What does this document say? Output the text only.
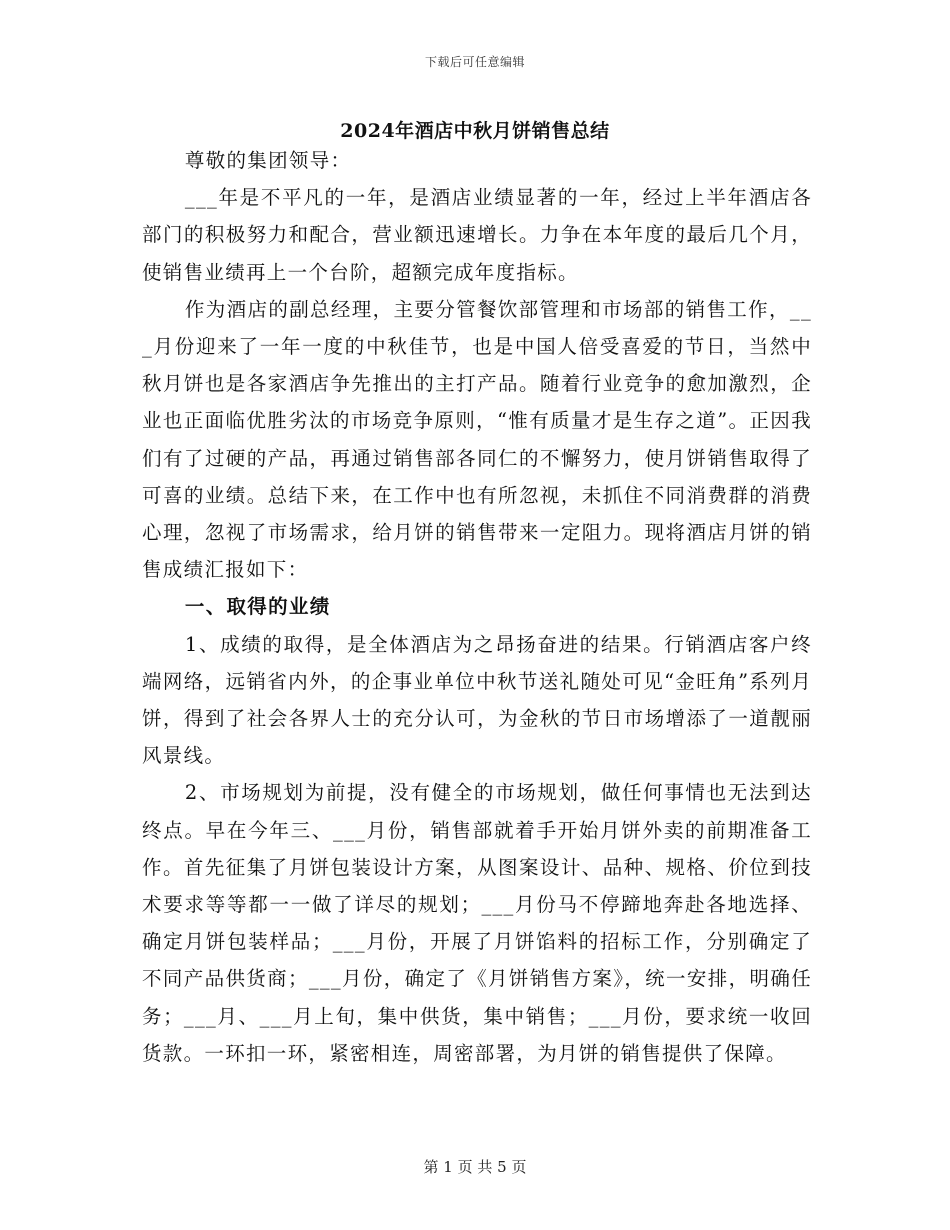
下载后可任意编辑
2024年酒店中秋月饼销售总结

尊敬的集团领导：

___年是不平凡的一年，是酒店业绩显著的一年，经过上半年酒店各部门的积极努力和配合，营业额迅速增长。力争在本年度的最后几个月，使销售业绩再上一个台阶，超额完成年度指标。

作为酒店的副总经理，主要分管餐饮部管理和市场部的销售工作，___月份迎来了一年一度的中秋佳节，也是中国人倍受喜爱的节日，当然中秋月饼也是各家酒店争先推出的主打产品。随着行业竞争的愈加激烈，企业也正面临优胜劣汰的市场竞争原则，“惟有质量才是生存之道”。正因我们有了过硬的产品，再通过销售部各同仁的不懈努力，使月饼销售取得了可喜的业绩。总结下来，在工作中也有所忽视，未抓住不同消费群的消费心理，忽视了市场需求，给月饼的销售带来一定阻力。现将酒店月饼的销售成绩汇报如下：

一、取得的业绩

1、成绩的取得，是全体酒店为之昂扬奋进的结果。行销酒店客户终端网络，远销省内外，的企事业单位中秋节送礼随处可见“金旺角”系列月饼，得到了社会各界人士的充分认可，为金秋的节日市场增添了一道靓丽风景线。

2、市场规划为前提，没有健全的市场规划，做任何事情也无法到达终点。早在今年三、___月份，销售部就着手开始月饼外卖的前期准备工作。首先征集了月饼包装设计方案，从图案设计、品种、规格、价位到技术要求等等都一一做了详尽的规划；___月份马不停蹄地奔赴各地选择、确定月饼包装样品；___月份，开展了月饼馅料的招标工作，分别确定了不同产品供货商；___月份，确定了《月饼销售方案》，统一安排，明确任务；___月、___月上旬，集中供货，集中销售；___月份，要求统一收回货款。一环扣一环，紧密相连，周密部署，为月饼的销售提供了保障。

第 1 页 共 5 页
